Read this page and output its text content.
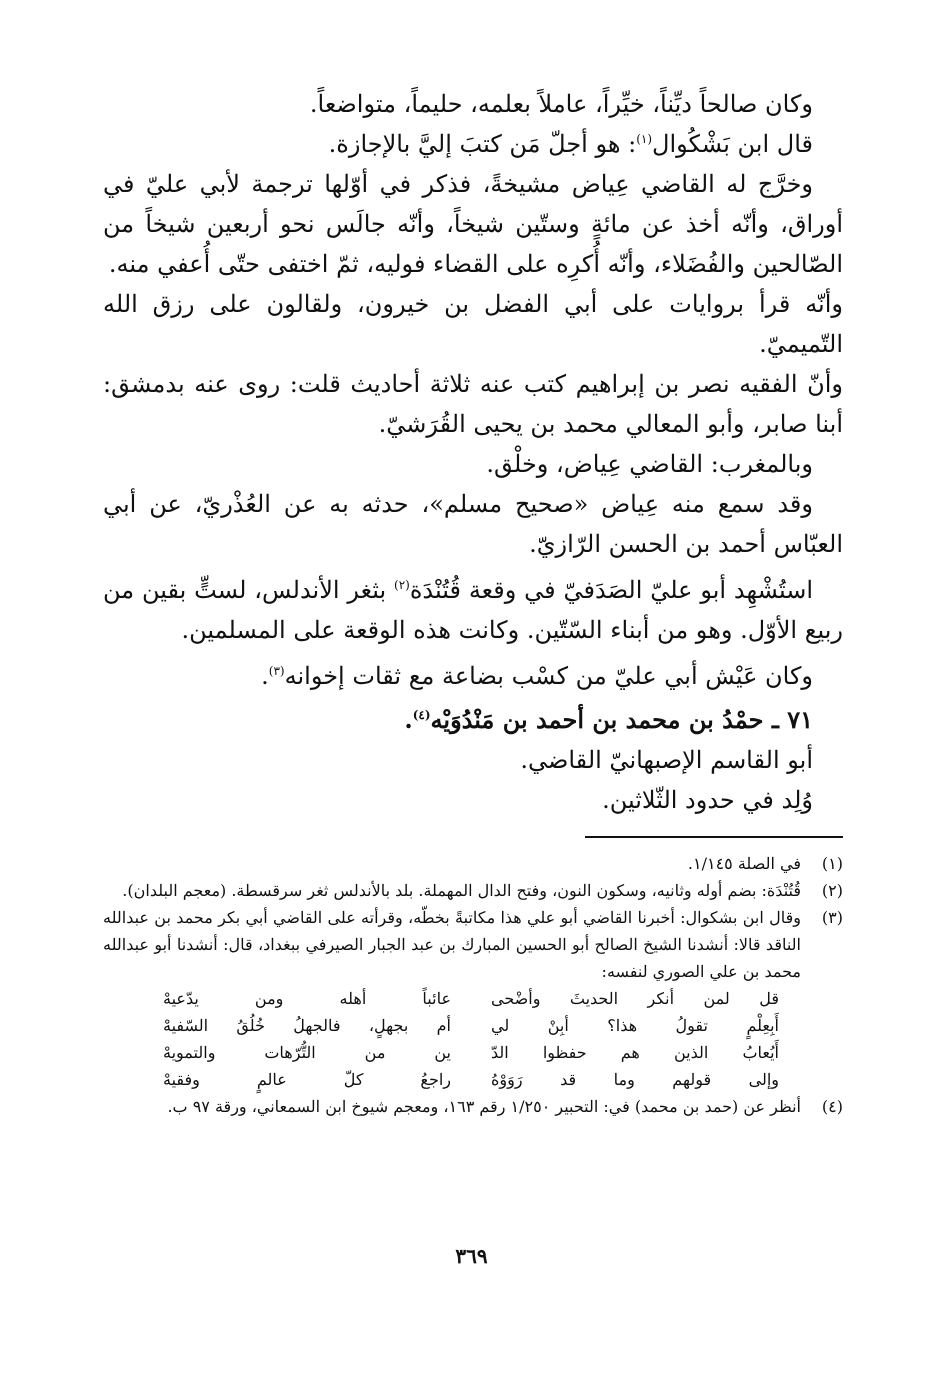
وكان صالحاً ديِّناً، خيِّراً، عاملاً بعلمه، حليماً، متواضعاً.

قال ابن بَشْكُوال$^{(١)}$: هو أجلّ مَن كتبَ إليَّ بالإجازة.

وخرَّج له القاضي عِياض مشيخةً، فذكر في أوّلها ترجمة لأبي عليّ في أوراق، وأنّه أخذ عن مائةٍ وستّين شيخاً، وأنّه جالَس نحو أربعين شيخاً من الصّالحين والفُضَلاء، وأنّه أُكرِه على القضاء فوليه، ثمّ اختفى حتّى أُعفي منه.

وأنّه قرأ بروايات على أبي الفضل بن خيرون، ولقالون على رزق الله التّميميّ.

وأنّ الفقيه نصر بن إبراهيم كتب عنه ثلاثة أحاديث قلت: روى عنه بدمشق: أبنا صابر، وأبو المعالي محمد بن يحيى القُرَشيّ.

وبالمغرب: القاضي عِياض، وخلْق.

وقد سمع منه عِياض «صحيح مسلم»، حدثه به عن العُذْريّ، عن أبي العبّاس أحمد بن الحسن الرّازيّ.

استُشْهِد أبو عليّ الصَدَفيّ في وقعة قُتُنْدَة$^{(٢)}$ بثغر الأندلس، لستٍّ بقين من ربيع الأوّل. وهو من أبناء السّتّين. وكانت هذه الوقعة على المسلمين.

وكان عَيْش أبي عليّ من كسْب بضاعة مع ثقات إخوانه$^{(٣)}$.

٧١ ـ حمْدُ بن محمد بن أحمد بن مَنْدُوَيْه$^{(٤)}$.

أبو القاسم الإصبهانيّ القاضي.

وُلِد في حدود الثّلاثين.

(١)
في الصلة ١/١٤٥.
(٢)
قُتُنْدَة: بضم أوله وثانيه، وسكون النون، وفتح الدال المهملة. بلد بالأندلس ثغر سرقسطة. (معجم البلدان).
(٣)
وقال ابن بشكوال: أخبرنا القاضي أبو علي هذا مكاتبةً بخطّه، وقرأته على القاضي أبي بكر محمد بن عبدالله الناقد قالا: أنشدنا الشيخ الصالح أبو الحسين المبارك بن عبد الجبار الصيرفي ببغداد، قال: أنشدنا أبو عبدالله محمد بن علي الصوري لنفسه:
قل لمن أنكر الحديثَ وأضْحى
عائباً أهله ومن يدّعيهْ
أَبِعِلْمٍ تقولُ هذا؟ أبِنْ لي
أم بجهلٍ، فالجهلُ خُلُقُ السّفيهْ
أَيُعابُ الذين هم حفظوا الدّ
ين من التُّرّهات والتمويهْ
وإلى قولهم وما قد رَوَوْهُ
راجعُ كلّ عالمٍ وفقيهْ
(٤)
أنظر عن (حمد بن محمد) في: التحبير ١/٢٥٠ رقم ١٦٣، ومعجم شيوخ ابن السمعاني، ورقة ٩٧ ب.
٣٦٩
